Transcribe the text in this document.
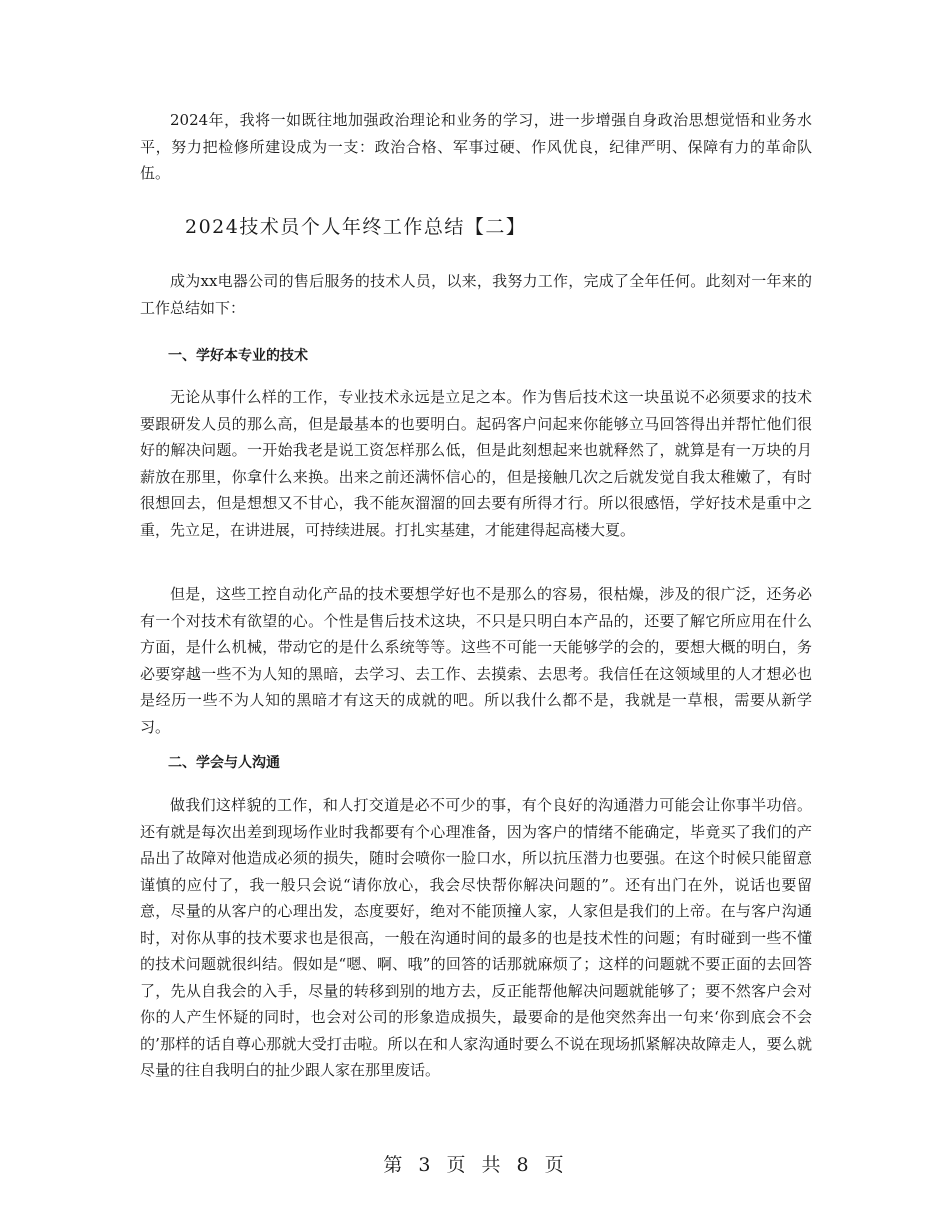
2024年，我将一如既往地加强政治理论和业务的学习，进一步增强自身政治思想觉悟和业务水平，努力把检修所建设成为一支：政治合格、军事过硬、作风优良，纪律严明、保障有力的革命队伍。

2024技术员个人年终工作总结【二】

成为xx电器公司的售后服务的技术人员，以来，我努力工作，完成了全年任何。此刻对一年来的工作总结如下：

一、学好本专业的技术

无论从事什么样的工作，专业技术永远是立足之本。作为售后技术这一块虽说不必须要求的技术要跟研发人员的那么高，但是最基本的也要明白。起码客户问起来你能够立马回答得出并帮忙他们很好的解决问题。一开始我老是说工资怎样那么低，但是此刻想起来也就释然了，就算是有一万块的月薪放在那里，你拿什么来换。出来之前还满怀信心的，但是接触几次之后就发觉自我太稚嫩了，有时很想回去，但是想想又不甘心，我不能灰溜溜的回去要有所得才行。所以很感悟，学好技术是重中之重，先立足，在讲进展，可持续进展。打扎实基建，才能建得起高楼大夏。

但是，这些工控自动化产品的技术要想学好也不是那么的容易，很枯燥，涉及的很广泛，还务必有一个对技术有欲望的心。个性是售后技术这块，不只是只明白本产品的，还要了解它所应用在什么方面，是什么机械，带动它的是什么系统等等。这些不可能一天能够学的会的，要想大概的明白，务必要穿越一些不为人知的黑暗，去学习、去工作、去摸索、去思考。我信任在这领域里的人才想必也是经历一些不为人知的黑暗才有这天的成就的吧。所以我什么都不是，我就是一草根，需要从新学习。

二、学会与人沟通

做我们这样貌的工作，和人打交道是必不可少的事，有个良好的沟通潜力可能会让你事半功倍。还有就是每次出差到现场作业时我都要有个心理准备，因为客户的情绪不能确定，毕竟买了我们的产品出了故障对他造成必须的损失，随时会喷你一脸口水，所以抗压潜力也要强。在这个时候只能留意谨慎的应付了，我一般只会说“请你放心，我会尽快帮你解决问题的”。还有出门在外，说话也要留意，尽量的从客户的心理出发，态度要好，绝对不能顶撞人家，人家但是我们的上帝。在与客户沟通时，对你从事的技术要求也是很高，一般在沟通时间的最多的也是技术性的问题；有时碰到一些不懂的技术问题就很纠结。假如是“嗯、啊、哦”的回答的话那就麻烦了；这样的问题就不要正面的去回答了，先从自我会的入手，尽量的转移到别的地方去，反正能帮他解决问题就能够了；要不然客户会对你的人产生怀疑的同时，也会对公司的形象造成损失，最要命的是他突然奔出一句来‘你到底会不会的’那样的话自尊心那就大受打击啦。所以在和人家沟通时要么不说在现场抓紧解决故障走人，要么就尽量的往自我明白的扯少跟人家在那里废话。

第 3 页 共 8 页
